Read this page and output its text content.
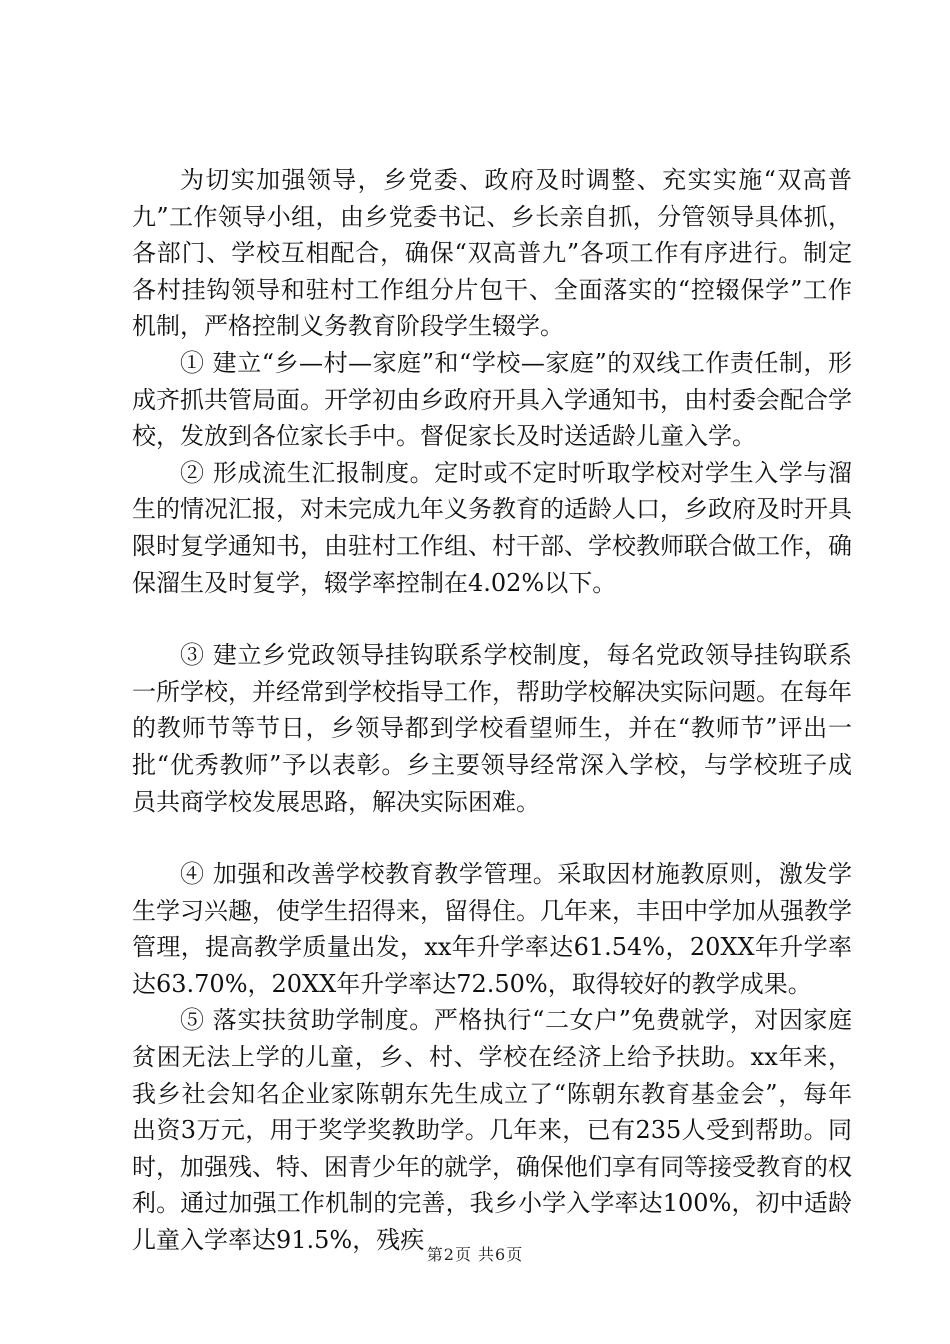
为切实加强领导，乡党委、政府及时调整、充实实施“双高普九”工作领导小组，由乡党委书记、乡长亲自抓，分管领导具体抓，各部门、学校互相配合，确保“双高普九”各项工作有序进行。制定各村挂钩领导和驻村工作组分片包干、全面落实的“控辍保学”工作机制，严格控制义务教育阶段学生辍学。

① 建立“乡—村—家庭”和“学校—家庭”的双线工作责任制，形成齐抓共管局面。开学初由乡政府开具入学通知书，由村委会配合学校，发放到各位家长手中。督促家长及时送适龄儿童入学。

② 形成流生汇报制度。定时或不定时听取学校对学生入学与溜生的情况汇报，对未完成九年义务教育的适龄人口，乡政府及时开具限时复学通知书，由驻村工作组、村干部、学校教师联合做工作，确保溜生及时复学，辍学率控制在4.02%以下。

③ 建立乡党政领导挂钩联系学校制度，每名党政领导挂钩联系一所学校，并经常到学校指导工作，帮助学校解决实际问题。在每年的教师节等节日，乡领导都到学校看望师生，并在“教师节”评出一批“优秀教师”予以表彰。乡主要领导经常深入学校，与学校班子成员共商学校发展思路，解决实际困难。

④ 加强和改善学校教育教学管理。采取因材施教原则，激发学生学习兴趣，使学生招得来，留得住。几年来，丰田中学加从强教学管理，提高教学质量出发，xx年升学率达61.54%，20XX年升学率达63.70%，20XX年升学率达72.50%，取得较好的教学成果。

⑤ 落实扶贫助学制度。严格执行“二女户”免费就学，对因家庭贫困无法上学的儿童，乡、村、学校在经济上给予扶助。xx年来，我乡社会知名企业家陈朝东先生成立了“陈朝东教育基金会”，每年出资3万元，用于奖学奖教助学。几年来，已有235人受到帮助。同时，加强残、特、困青少年的就学，确保他们享有同等接受教育的权利。通过加强工作机制的完善，我乡小学入学率达100%，初中适龄儿童入学率达91.5%，残疾

第2页 共6页
